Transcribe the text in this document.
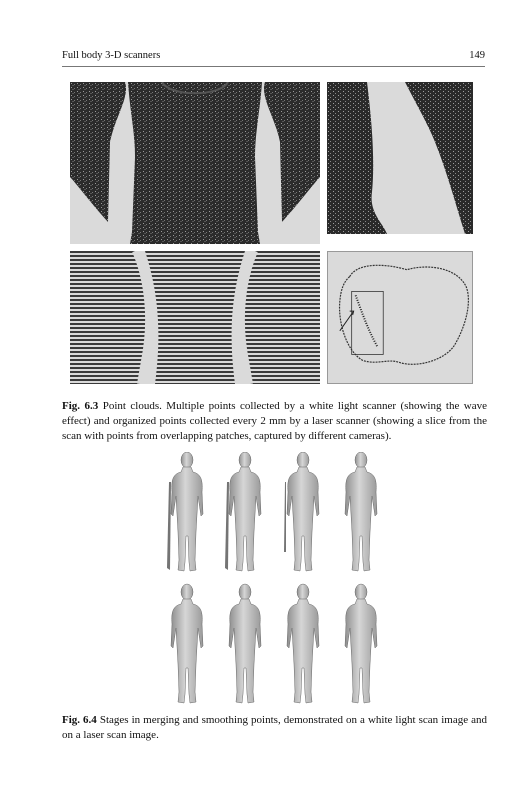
Full body 3-D scanners	149
Fig. 6.3 Point clouds. Multiple points collected by a white light scanner (showing the wave effect) and organized points collected every 2 mm by a laser scanner (showing a slice from the scan with points from overlapping patches, captured by different cameras).
Fig. 6.4 Stages in merging and smoothing points, demonstrated on a white light scan image and on a laser scan image.
